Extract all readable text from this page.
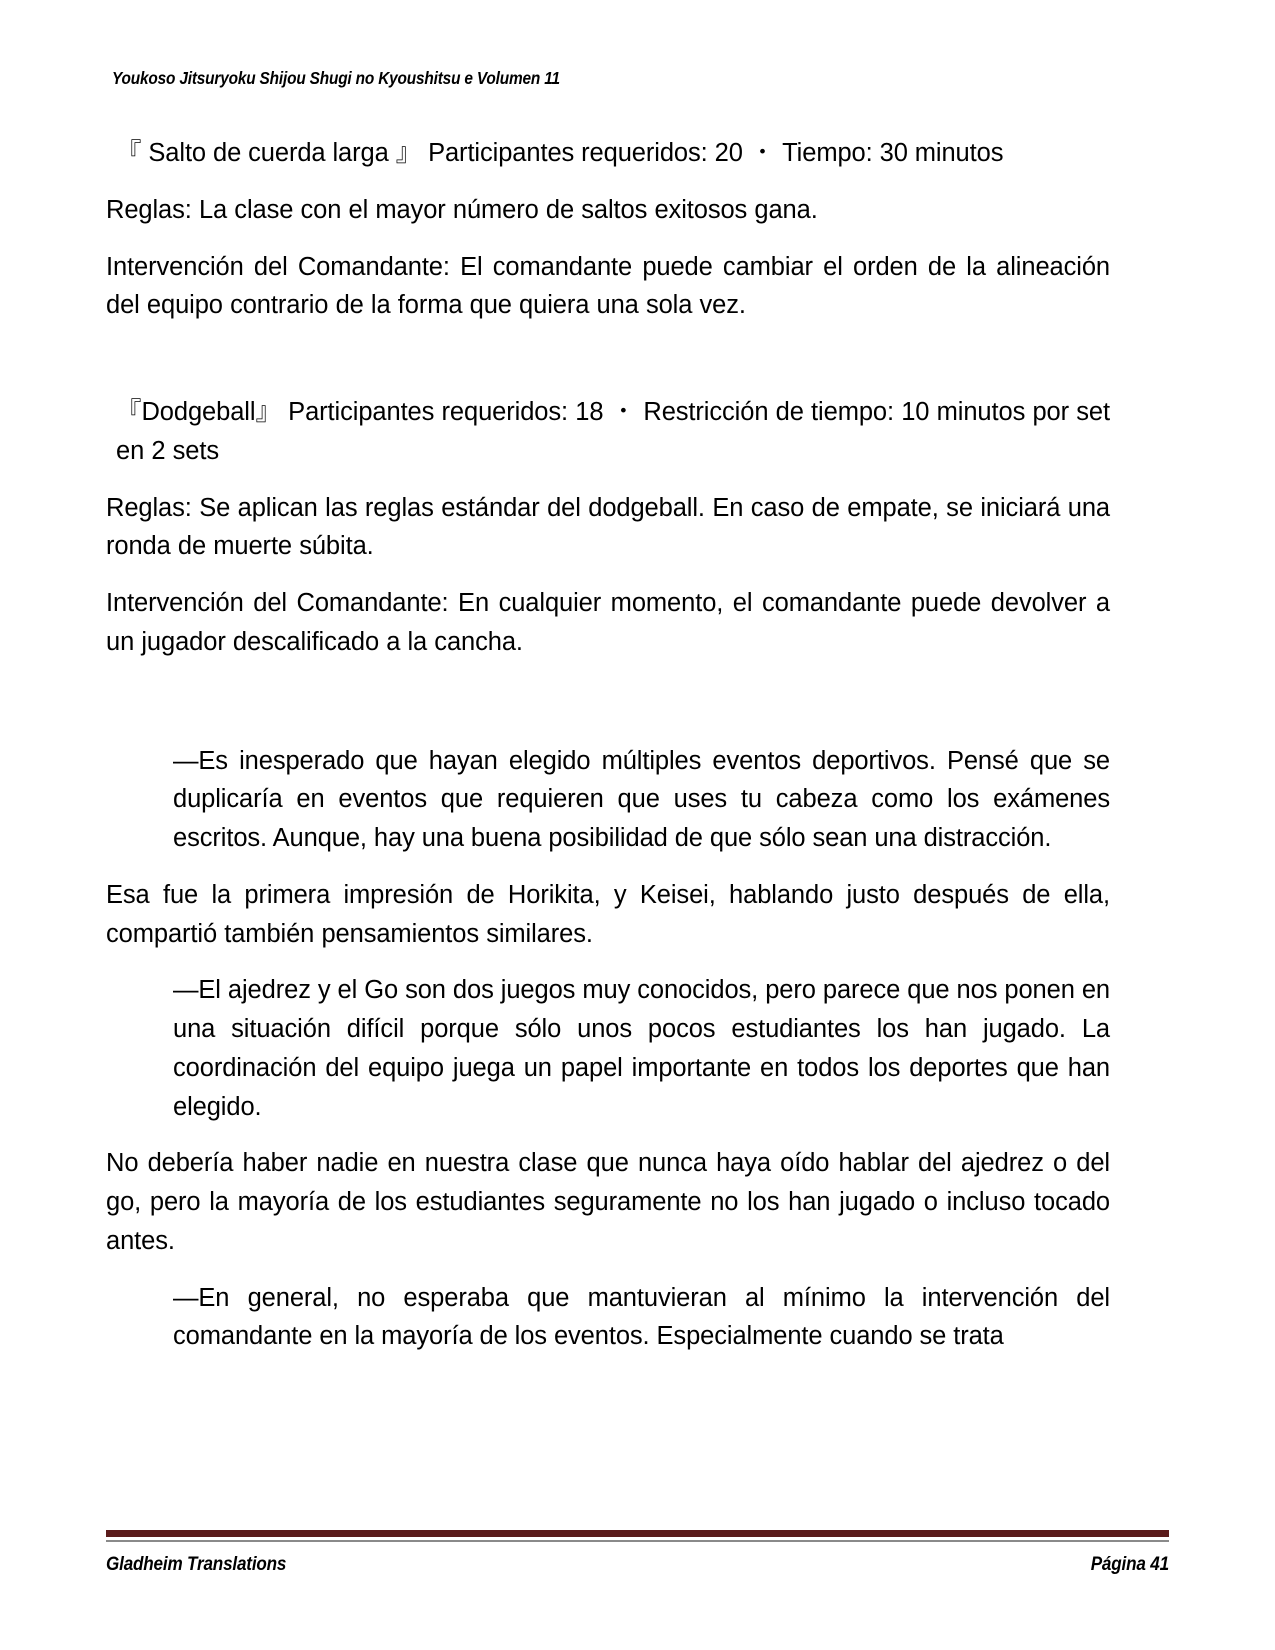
Youkoso Jitsuryoku Shijou Shugi no Kyoushitsu e Volumen 11

『 Salto de cuerda larga 』 Participantes requeridos: 20 ・ Tiempo: 30 minutos

Reglas: La clase con el mayor número de saltos exitosos gana.

Intervención del Comandante: El comandante puede cambiar el orden de la alineación del equipo contrario de la forma que quiera una sola vez.

『Dodgeball』 Participantes requeridos: 18 ・ Restricción de tiempo: 10 minutos por set en 2 sets

Reglas: Se aplican las reglas estándar del dodgeball. En caso de empate, se iniciará una ronda de muerte súbita.

Intervención del Comandante: En cualquier momento, el comandante puede devolver a un jugador descalificado a la cancha.

—Es inesperado que hayan elegido múltiples eventos deportivos. Pensé que se duplicaría en eventos que requieren que uses tu cabeza como los exámenes escritos. Aunque, hay una buena posibilidad de que sólo sean una distracción.

Esa fue la primera impresión de Horikita, y Keisei, hablando justo después de ella, compartió también pensamientos similares.

—El ajedrez y el Go son dos juegos muy conocidos, pero parece que nos ponen en una situación difícil porque sólo unos pocos estudiantes los han jugado. La coordinación del equipo juega un papel importante en todos los deportes que han elegido.

No debería haber nadie en nuestra clase que nunca haya oído hablar del ajedrez o del go, pero la mayoría de los estudiantes seguramente no los han jugado o incluso tocado antes.

—En general, no esperaba que mantuvieran al mínimo la intervención del comandante en la mayoría de los eventos. Especialmente cuando se trata

Gladheim Translations	Página 41
